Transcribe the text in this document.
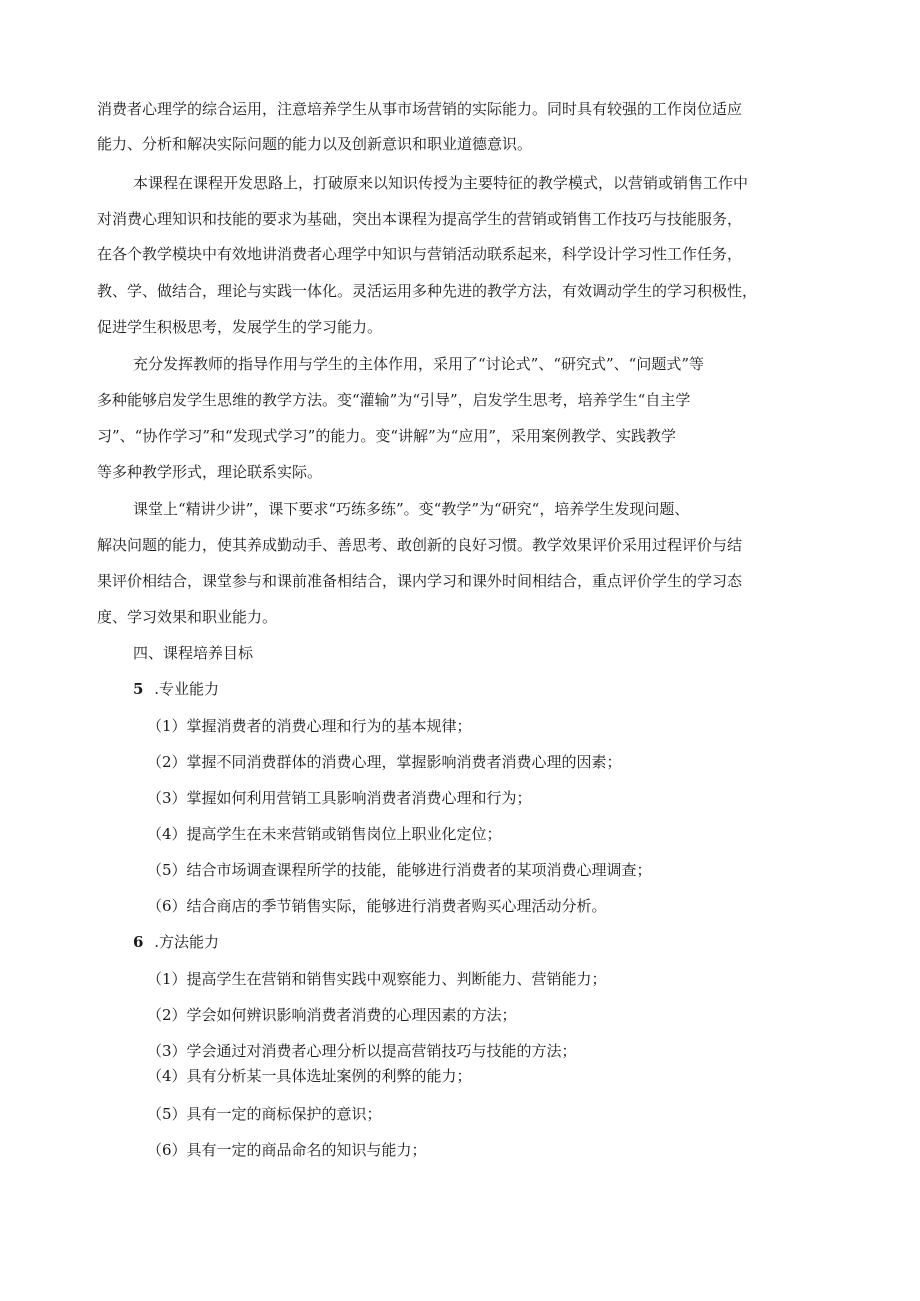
消费者心理学的综合运用，注意培养学生从事市场营销的实际能力。同时具有较强的工作岗位适应
能力、分析和解决实际问题的能力以及创新意识和职业道德意识。
本课程在课程开发思路上，打破原来以知识传授为主要特征的教学模式，以营销或销售工作中
对消费心理知识和技能的要求为基础，突出本课程为提高学生的营销或销售工作技巧与技能服务，
在各个教学模块中有效地讲消费者心理学中知识与营销活动联系起来，科学设计学习性工作任务，
教、学、做结合，理论与实践一体化。灵活运用多种先进的教学方法，有效调动学生的学习积极性，
促进学生积极思考，发展学生的学习能力。
充分发挥教师的指导作用与学生的主体作用，采用了“讨论式”、“研究式”、“问题式”等
多种能够启发学生思维的教学方法。变“灌输”为“引导”，启发学生思考，培养学生“自主学
习”、“协作学习”和“发现式学习”的能力。变“讲解”为“应用”，采用案例教学、实践教学
等多种教学形式，理论联系实际。
课堂上“精讲少讲”，课下要求“巧练多练”。变“教学”为“研究“，培养学生发现问题、
解决问题的能力，使其养成勤动手、善思考、敢创新的良好习惯。教学效果评价采用过程评价与结
果评价相结合，课堂参与和课前准备相结合，课内学习和课外时间相结合，重点评价学生的学习态
度、学习效果和职业能力。
四、课程培养目标
5 .专业能力
（1）掌握消费者的消费心理和行为的基本规律；
（2）掌握不同消费群体的消费心理，掌握影响消费者消费心理的因素；
（3）掌握如何利用营销工具影响消费者消费心理和行为；
（4）提高学生在未来营销或销售岗位上职业化定位；
（5）结合市场调查课程所学的技能，能够进行消费者的某项消费心理调查；
（6）结合商店的季节销售实际，能够进行消费者购买心理活动分析。
6 .方法能力
（1）提高学生在营销和销售实践中观察能力、判断能力、营销能力；
（2）学会如何辨识影响消费者消费的心理因素的方法；
（3）学会通过对消费者心理分析以提高营销技巧与技能的方法；
（4）具有分析某一具体选址案例的利弊的能力；
（5）具有一定的商标保护的意识；
（6）具有一定的商品命名的知识与能力；
